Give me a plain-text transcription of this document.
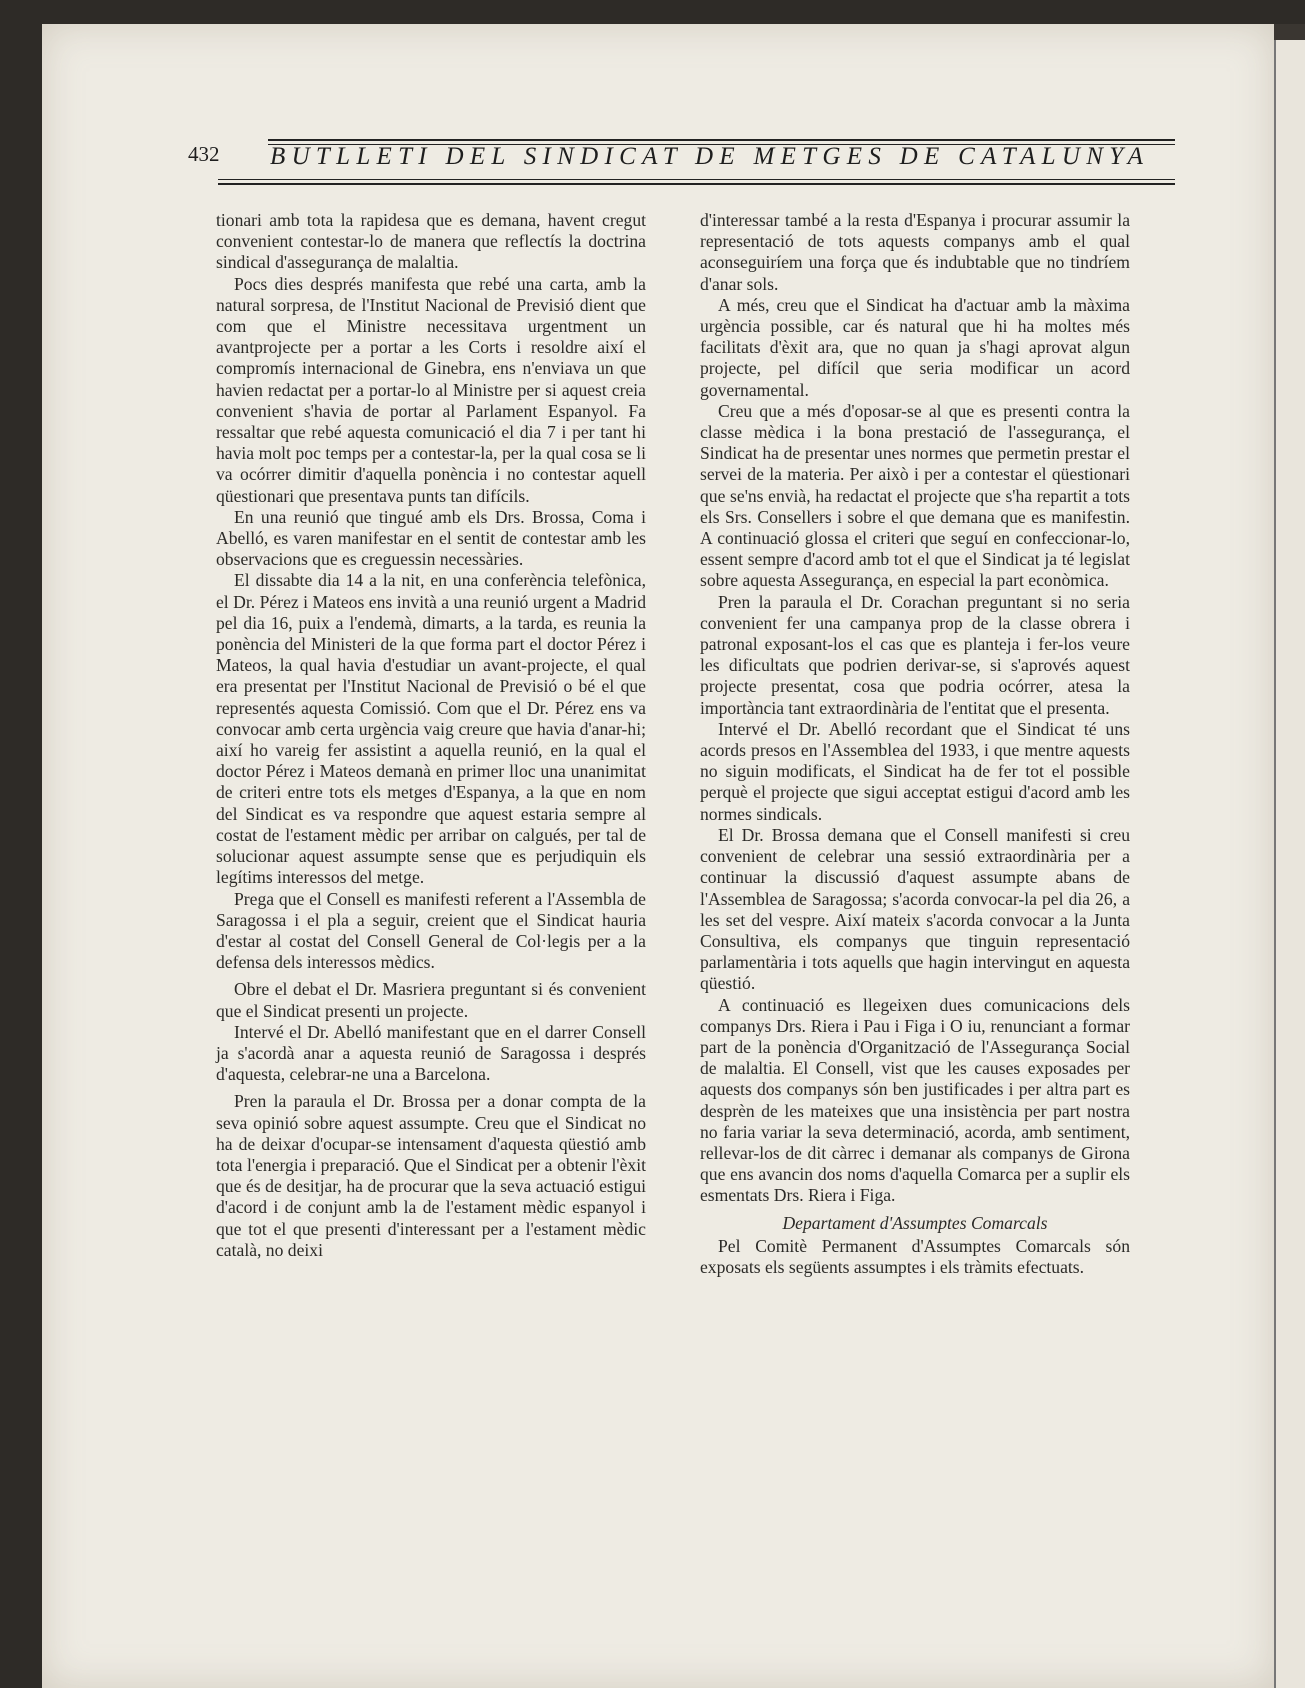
432 BUTLLETI DEL SINDICAT DE METGES DE CATALUNYA

tionari amb tota la rapidesa que es demana, havent cregut convenient contestar-lo de manera que reflectís la doctrina sindical d'assegurança de malaltia.

Pocs dies després manifesta que rebé una carta, amb la natural sorpresa, de l'Institut Nacional de Previsió dient que com que el Ministre necessitava urgentment un avantprojecte per a portar a les Corts i resoldre així el compromís internacional de Ginebra, ens n'enviava un que havien redactat per a portar-lo al Ministre per si aquest creia convenient s'havia de portar al Parlament Espanyol. Fa ressaltar que rebé aquesta comunicació el dia 7 i per tant hi havia molt poc temps per a contestar-la, per la qual cosa se li va ocórrer dimitir d'aquella ponència i no contestar aquell qüestionari que presentava punts tan difícils.

En una reunió que tingué amb els Drs. Brossa, Coma i Abelló, es varen manifestar en el sentit de contestar amb les observacions que es creguessin necessàries.

El dissabte dia 14 a la nit, en una conferència telefònica, el Dr. Pérez i Mateos ens invità a una reunió urgent a Madrid pel dia 16, puix a l'endemà, dimarts, a la tarda, es reunia la ponència del Ministeri de la que forma part el doctor Pérez i Mateos, la qual havia d'estudiar un avant-projecte, el qual era presentat per l'Institut Nacional de Previsió o bé el que representés aquesta Comissió. Com que el Dr. Pérez ens va convocar amb certa urgència vaig creure que havia d'anar-hi; així ho vareig fer assistint a aquella reunió, en la qual el doctor Pérez i Mateos demanà en primer lloc una unanimitat de criteri entre tots els metges d'Espanya, a la que en nom del Sindicat es va respondre que aquest estaria sempre al costat de l'estament mèdic per arribar on calgués, per tal de solucionar aquest assumpte sense que es perjudiquin els legítims interessos del metge.

Prega que el Consell es manifesti referent a l'Assembla de Saragossa i el pla a seguir, creient que el Sindicat hauria d'estar al costat del Consell General de Col·legis per a la defensa dels interessos mèdics.

Obre el debat el Dr. Masriera preguntant si és convenient que el Sindicat presenti un projecte.

Intervé el Dr. Abelló manifestant que en el darrer Consell ja s'acordà anar a aquesta reunió de Saragossa i després d'aquesta, celebrar-ne una a Barcelona.

Pren la paraula el Dr. Brossa per a donar compta de la seva opinió sobre aquest assumpte. Creu que el Sindicat no ha de deixar d'ocupar-se intensament d'aquesta qüestió amb tota l'energia i preparació. Que el Sindicat per a obtenir l'èxit que és de desitjar, ha de procurar que la seva actuació estigui d'acord i de conjunt amb la de l'estament mèdic espanyol i que tot el que presenti d'interessant per a l'estament mèdic català, no deixi

d'interessar també a la resta d'Espanya i procurar assumir la representació de tots aquests companys amb el qual aconseguiríem una força que és indubtable que no tindríem d'anar sols.

A més, creu que el Sindicat ha d'actuar amb la màxima urgència possible, car és natural que hi ha moltes més facilitats d'èxit ara, que no quan ja s'hagi aprovat algun projecte, pel difícil que seria modificar un acord governamental.

Creu que a més d'oposar-se al que es presenti contra la classe mèdica i la bona prestació de l'assegurança, el Sindicat ha de presentar unes normes que permetin prestar el servei de la materia. Per això i per a contestar el qüestionari que se'ns envià, ha redactat el projecte que s'ha repartit a tots els Srs. Consellers i sobre el que demana que es manifestin. A continuació glossa el criteri que seguí en confeccionar-lo, essent sempre d'acord amb tot el que el Sindicat ja té legislat sobre aquesta Assegurança, en especial la part econòmica.

Pren la paraula el Dr. Corachan preguntant si no seria convenient fer una campanya prop de la classe obrera i patronal exposant-los el cas que es planteja i fer-los veure les dificultats que podrien derivar-se, si s'aprovés aquest projecte presentat, cosa que podria ocórrer, atesa la importància tant extraordinària de l'entitat que el presenta.

Intervé el Dr. Abelló recordant que el Sindicat té uns acords presos en l'Assemblea del 1933, i que mentre aquests no siguin modificats, el Sindicat ha de fer tot el possible perquè el projecte que sigui acceptat estigui d'acord amb les normes sindicals.

El Dr. Brossa demana que el Consell manifesti si creu convenient de celebrar una sessió extraordinària per a continuar la discussió d'aquest assumpte abans de l'Assemblea de Saragossa; s'acorda convocar-la pel dia 26, a les set del vespre. Així mateix s'acorda convocar a la Junta Consultiva, els companys que tinguin representació parlamentària i tots aquells que hagin intervingut en aquesta qüestió.

A continuació es llegeixen dues comunicacions dels companys Drs. Riera i Pau i Figa i O iu, renunciant a formar part de la ponència d'Organització de l'Assegurança Social de malaltia. El Consell, vist que les causes exposades per aquests dos companys són ben justificades i per altra part es desprèn de les mateixes que una insistència per part nostra no faria variar la seva determinació, acorda, amb sentiment, rellevar-los de dit càrrec i demanar als companys de Girona que ens avancin dos noms d'aquella Comarca per a suplir els esmentats Drs. Riera i Figa.

Departament d'Assumptes Comarcals

Pel Comitè Permanent d'Assumptes Comarcals són exposats els següents assumptes i els tràmits efectuats.
